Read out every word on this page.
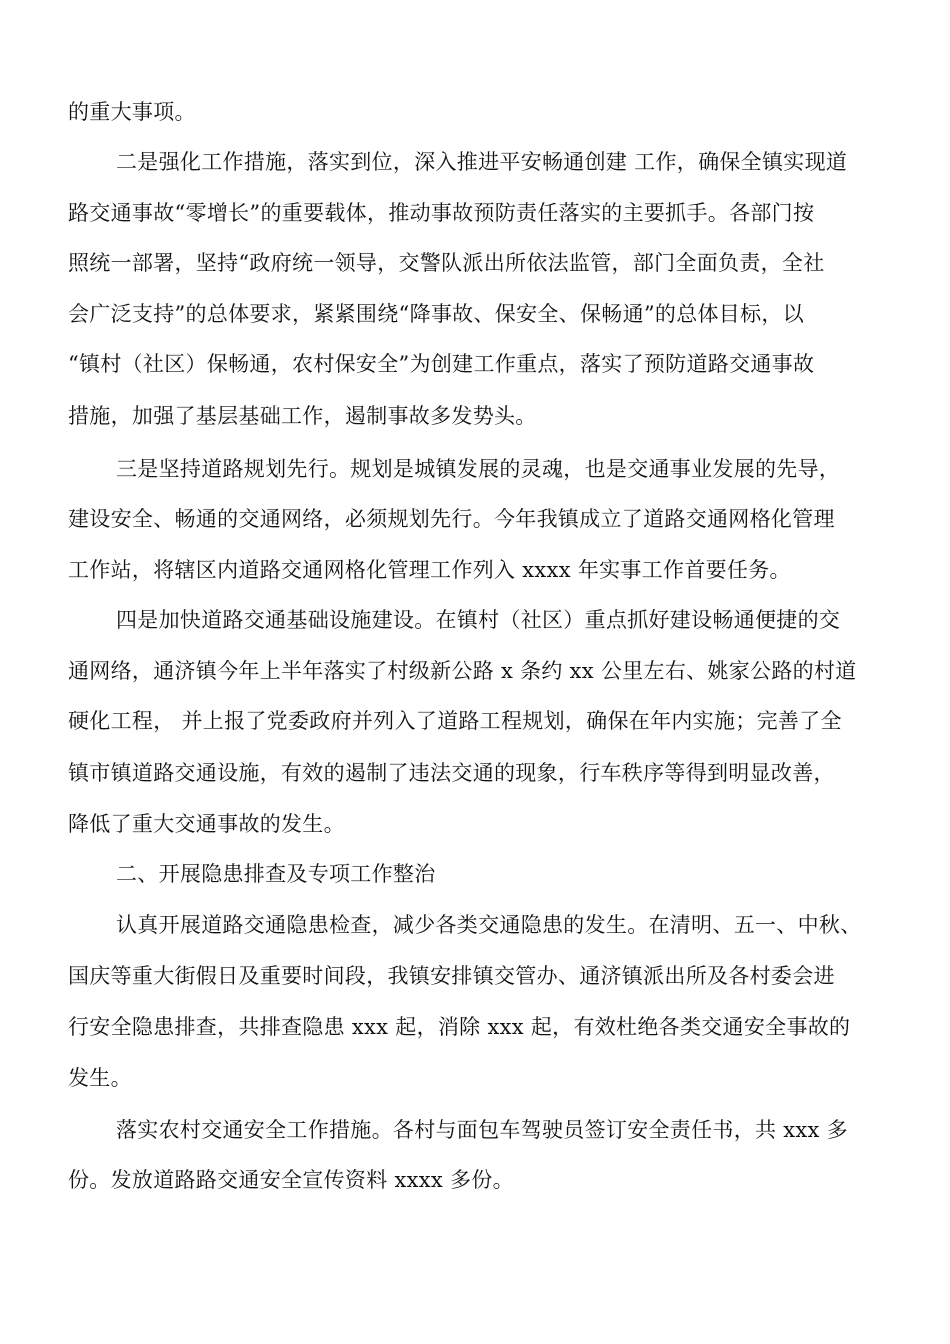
的重大事项。

二是强化工作措施，落实到位，深入推进平安畅通创建 工作，确保全镇实现道

路交通事故“零增长”的重要载体，推动事故预防责任落实的主要抓手。各部门按

照统一部署，坚持“政府统一领导，交警队派出所依法监管，部门全面负责，全社

会广泛支持”的总体要求，紧紧围绕“降事故、保安全、保畅通”的总体目标，以

“镇村（社区）保畅通，农村保安全”为创建工作重点，落实了预防道路交通事故

措施，加强了基层基础工作，遏制事故多发势头。

三是坚持道路规划先行。规划是城镇发展的灵魂，也是交通事业发展的先导，

建设安全、畅通的交通网络，必须规划先行。今年我镇成立了道路交通网格化管理

工作站，将辖区内道路交通网格化管理工作列入 xxxx 年实事工作首要任务。

四是加快道路交通基础设施建设。在镇村（社区）重点抓好建设畅通便捷的交

通网络，通济镇今年上半年落实了村级新公路 x 条约 xx 公里左右、姚家公路的村道

硬化工程， 并上报了党委政府并列入了道路工程规划，确保在年内实施；完善了全

镇市镇道路交通设施，有效的遏制了违法交通的现象，行车秩序等得到明显改善，

降低了重大交通事故的发生。

二、开展隐患排查及专项工作整治

认真开展道路交通隐患检查，减少各类交通隐患的发生。在清明、五一、中秋、

国庆等重大街假日及重要时间段，我镇安排镇交管办、通济镇派出所及各村委会进

行安全隐患排查，共排查隐患 xxx 起，消除 xxx 起，有效杜绝各类交通安全事故的

发生。

落实农村交通安全工作措施。各村与面包车驾驶员签订安全责任书，共 xxx 多

份。发放道路路交通安全宣传资料 xxxx 多份。
